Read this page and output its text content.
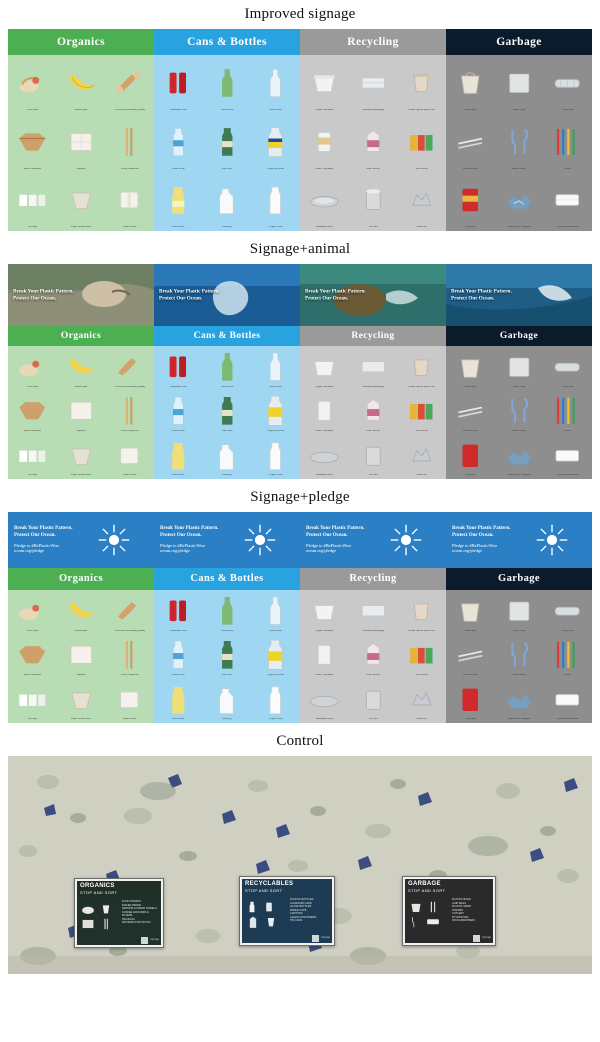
Improved signage
Organics
Food waste	Banana peel	Food waste (including bones)
Paper containers	Napkins	Wood chopsticks
Tea bags	Paper coffee filters	Paper towels
Cans & Bottles
Aluminum cans	Glass bottle	Glass bottle
Water bottle	Pop bottle	Large pop bottle
Juice bottle	Milk jug	Yogurt bottle
Recycling
Yogurt containers	Clamshell packaging	Coffee cups & plastic lids
Plastic containers	Milk cartons	Juice boxes
Aluminum trays	Tin cans	Clean foil
Garbage
Plastic bags	Ziploc bags	Cling wrap
Coffee stirrers	Plastic cutlery	Straws
Chip bags	Plastic food wrappers	Styrofoam containers
Signage+animal
Break Your Plastic Pattern.
Protect Our Ocean.
Break Your Plastic Pattern.
Protect Our Ocean.
Break Your Plastic Pattern.
Protect Our Ocean.
Break Your Plastic Pattern.
Protect Our Ocean.
Organics
Food waste	Banana peel	Food waste (including bones)
Paper containers	Napkins	Wood chopsticks
Tea bags	Paper coffee filters	Paper towels
Cans & Bottles
Aluminum cans	Glass bottle	Glass bottle
Water bottle	Pop bottle	Large pop bottle
Juice bottle	Milk jug	Yogurt bottle
Recycling
Yogurt containers	Clamshell packaging	Coffee cups & plastic lids
Plastic containers	Milk cartons	Juice boxes
Aluminum trays	Tin cans	Clean foil
Garbage
Plastic bags	Ziploc bags	Cling wrap
Coffee stirrers	Plastic cutlery	Straws
Chip bags	Plastic food wrappers	Styrofoam containers
Signage+pledge
Break Your Plastic Pattern.
Protect Our Ocean.
Pledge to #BePlasticWise
ocean.org/pledge
Break Your Plastic Pattern.
Protect Our Ocean.
Pledge to #BePlasticWise
ocean.org/pledge
Break Your Plastic Pattern.
Protect Our Ocean.
Pledge to #BePlasticWise
ocean.org/pledge
Break Your Plastic Pattern.
Protect Our Ocean.
Pledge to #BePlasticWise
ocean.org/pledge
Organics
Food waste	Banana peel	Food waste (including bones)
Paper containers	Napkins	Wood chopsticks
Tea bags	Paper coffee filters	Paper towels
Cans & Bottles
Aluminum cans	Glass bottle	Glass bottle
Water bottle	Pop bottle	Large pop bottle
Juice bottle	Milk jug	Yogurt bottle
Recycling
Yogurt containers	Clamshell packaging	Coffee cups & plastic lids
Plastic containers	Milk cartons	Juice boxes
Aluminum trays	Tin cans	Clean foil
Garbage
Plastic bags	Ziploc bags	Cling wrap
Coffee stirrers	Plastic cutlery	Straws
Chip bags	Plastic food wrappers	Styrofoam containers
Control
ORGANICS
STOP AND SORT
FOOD SCRAPS
SOILED PAPER
NAPKINS & PAPER TOWELS
COFFEE GROUNDS & FILTERS
TEA BAGS
WOODEN STIR STICKS
city-logo
RECYCLABLES
STOP AND SORT
PLASTIC BOTTLES
ALUMINUM CANS
GLASS BOTTLES
PAPER CUPS
CARTONS
CLEAN CONTAINERS
TIN CANS
city-logo
GARBAGE
STOP AND SORT
PLASTIC BAGS
CHIP BAGS
PLASTIC WRAP
STRAWS
CUTLERY
STYROFOAM
FOOD WRAPPERS
city-logo
